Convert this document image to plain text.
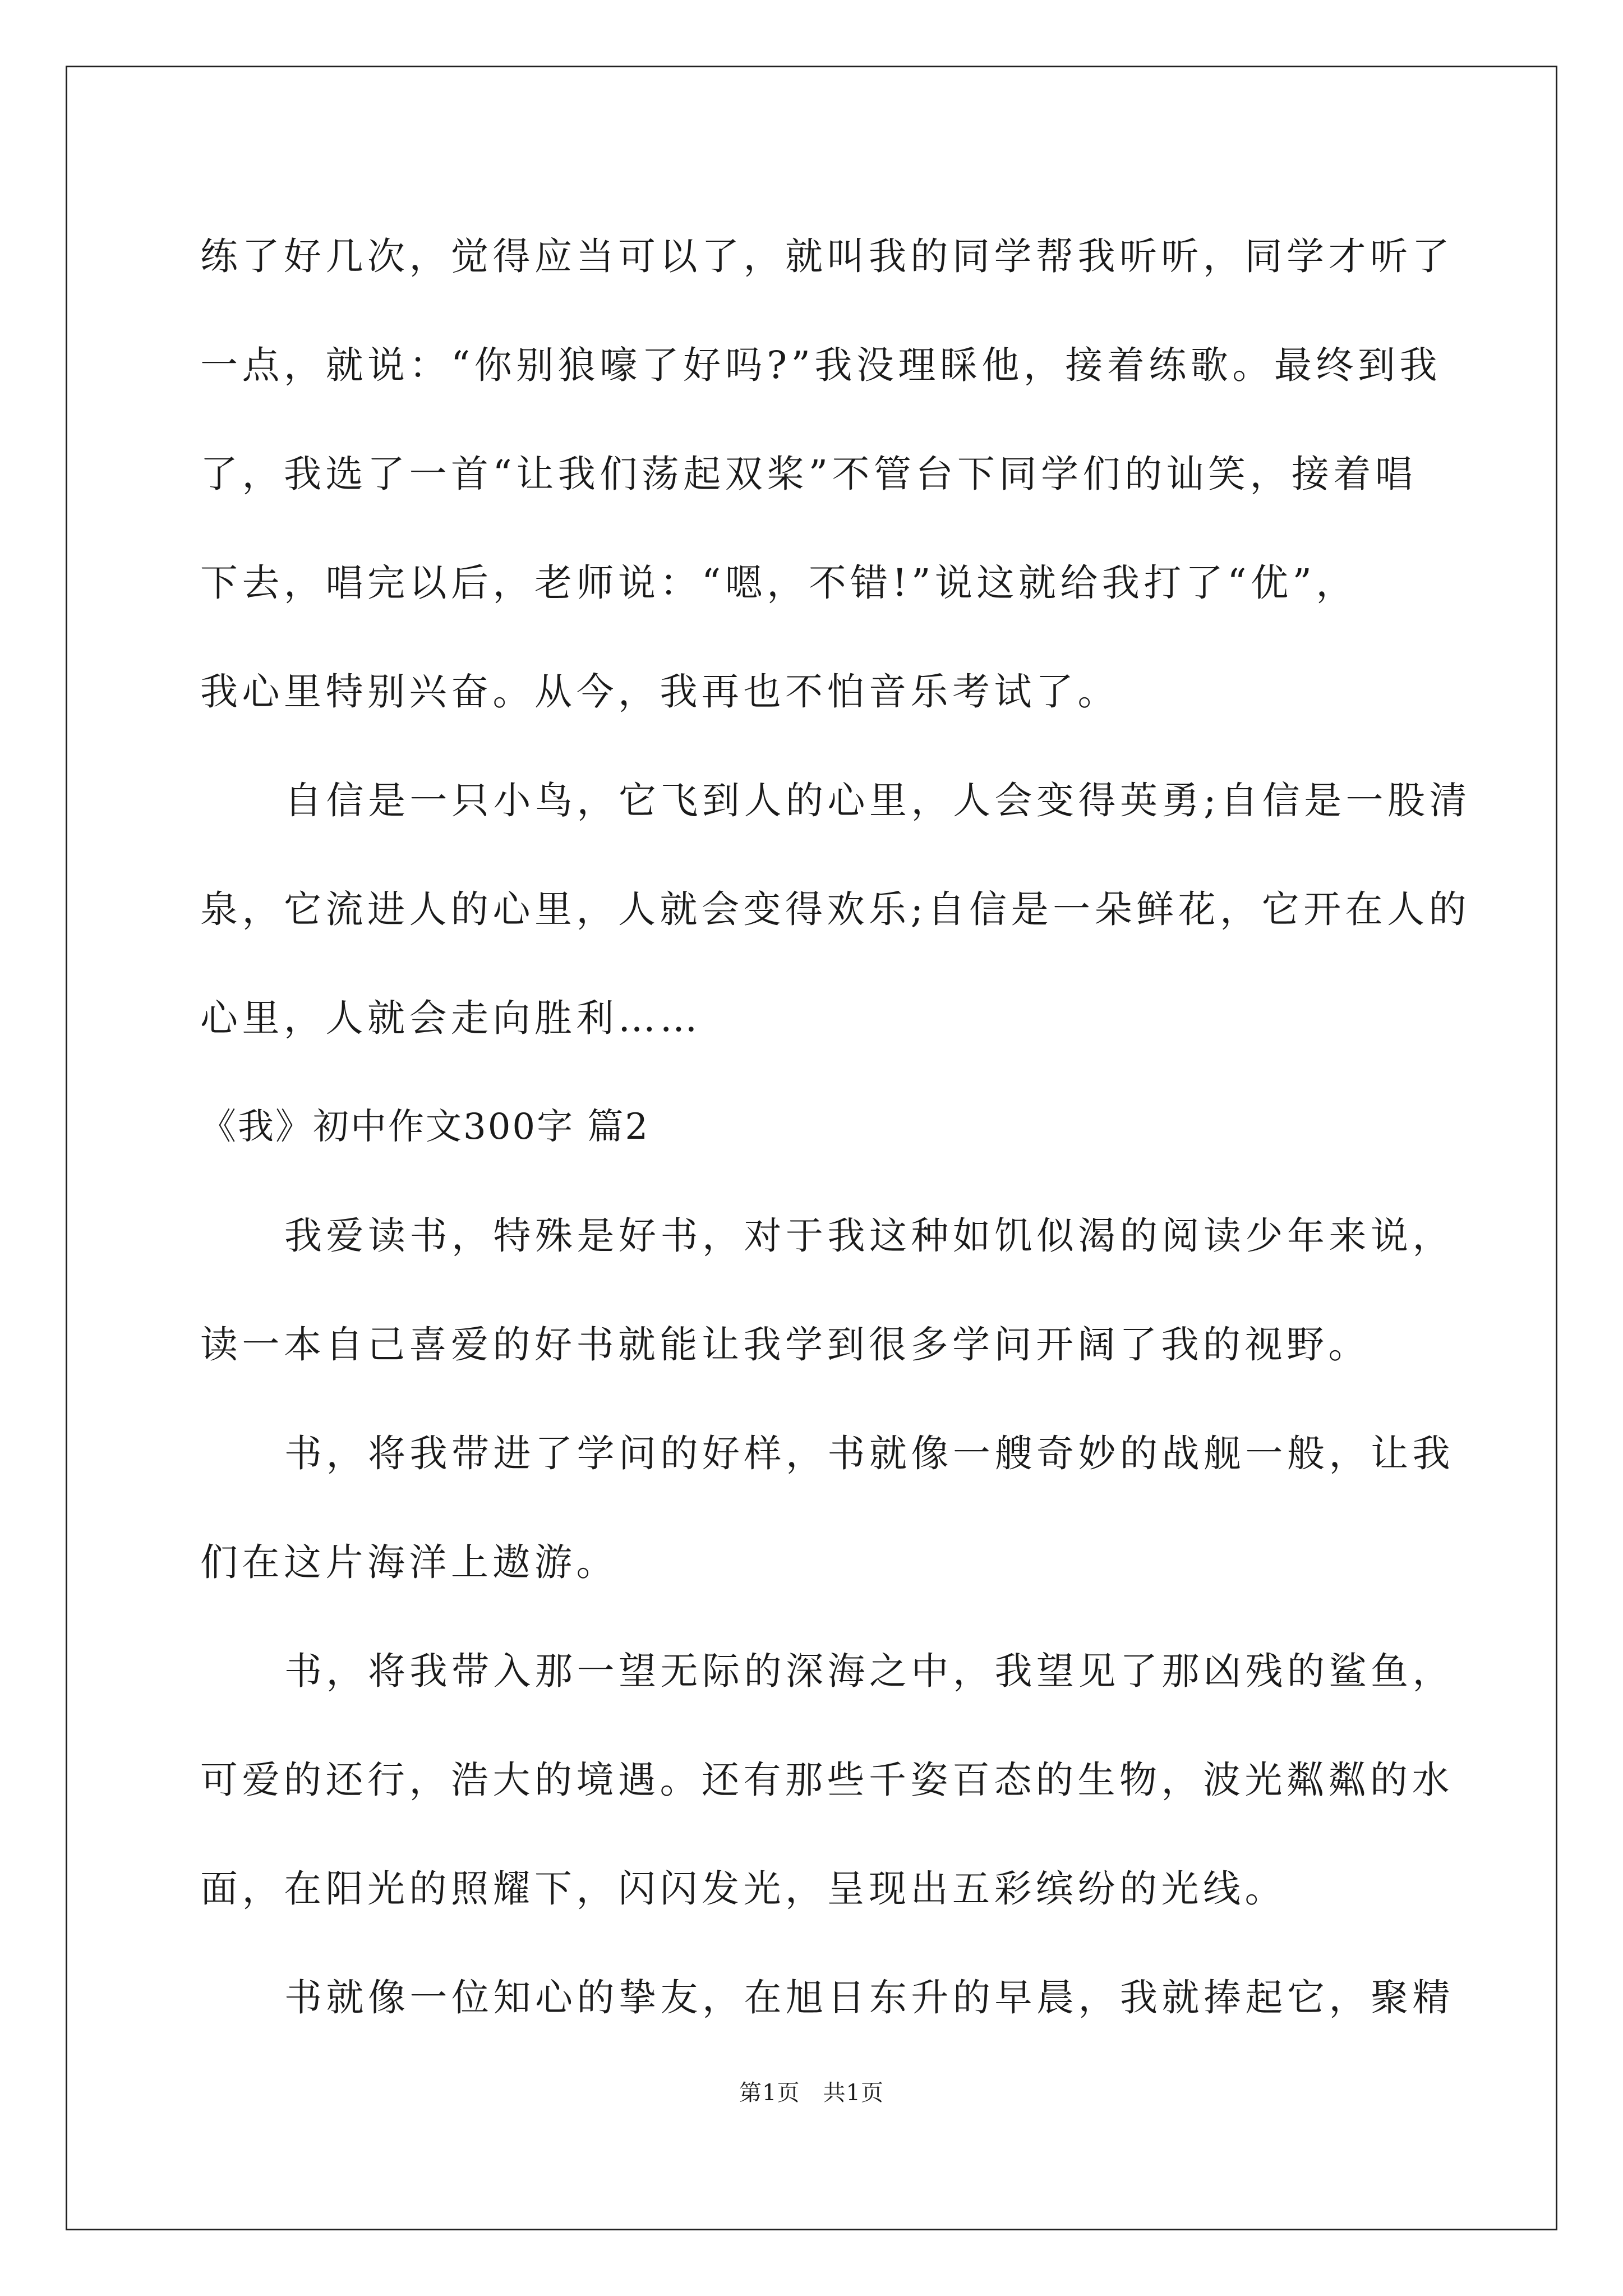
练了好几次，觉得应当可以了，就叫我的同学帮我听听，同学才听了
一点，就说：“你别狼嚎了好吗?”我没理睬他，接着练歌。最终到我
了，我选了一首“让我们荡起双桨”不管台下同学们的讪笑，接着唱
下去，唱完以后，老师说：“嗯，不错!”说这就给我打了“优”，
我心里特别兴奋。从今，我再也不怕音乐考试了。
自信是一只小鸟，它飞到人的心里，人会变得英勇;自信是一股清
泉，它流进人的心里，人就会变得欢乐;自信是一朵鲜花，它开在人的
心里，人就会走向胜利……
《我》初中作文300字 篇2
我爱读书，特殊是好书，对于我这种如饥似渴的阅读少年来说，
读一本自己喜爱的好书就能让我学到很多学问开阔了我的视野。
书，将我带进了学问的好样，书就像一艘奇妙的战舰一般，让我
们在这片海洋上遨游。
书，将我带入那一望无际的深海之中，我望见了那凶残的鲨鱼，
可爱的还行，浩大的境遇。还有那些千姿百态的生物，波光粼粼的水
面，在阳光的照耀下，闪闪发光，呈现出五彩缤纷的光线。
书就像一位知心的挚友，在旭日东升的早晨，我就捧起它，聚精
第1页　共1页
